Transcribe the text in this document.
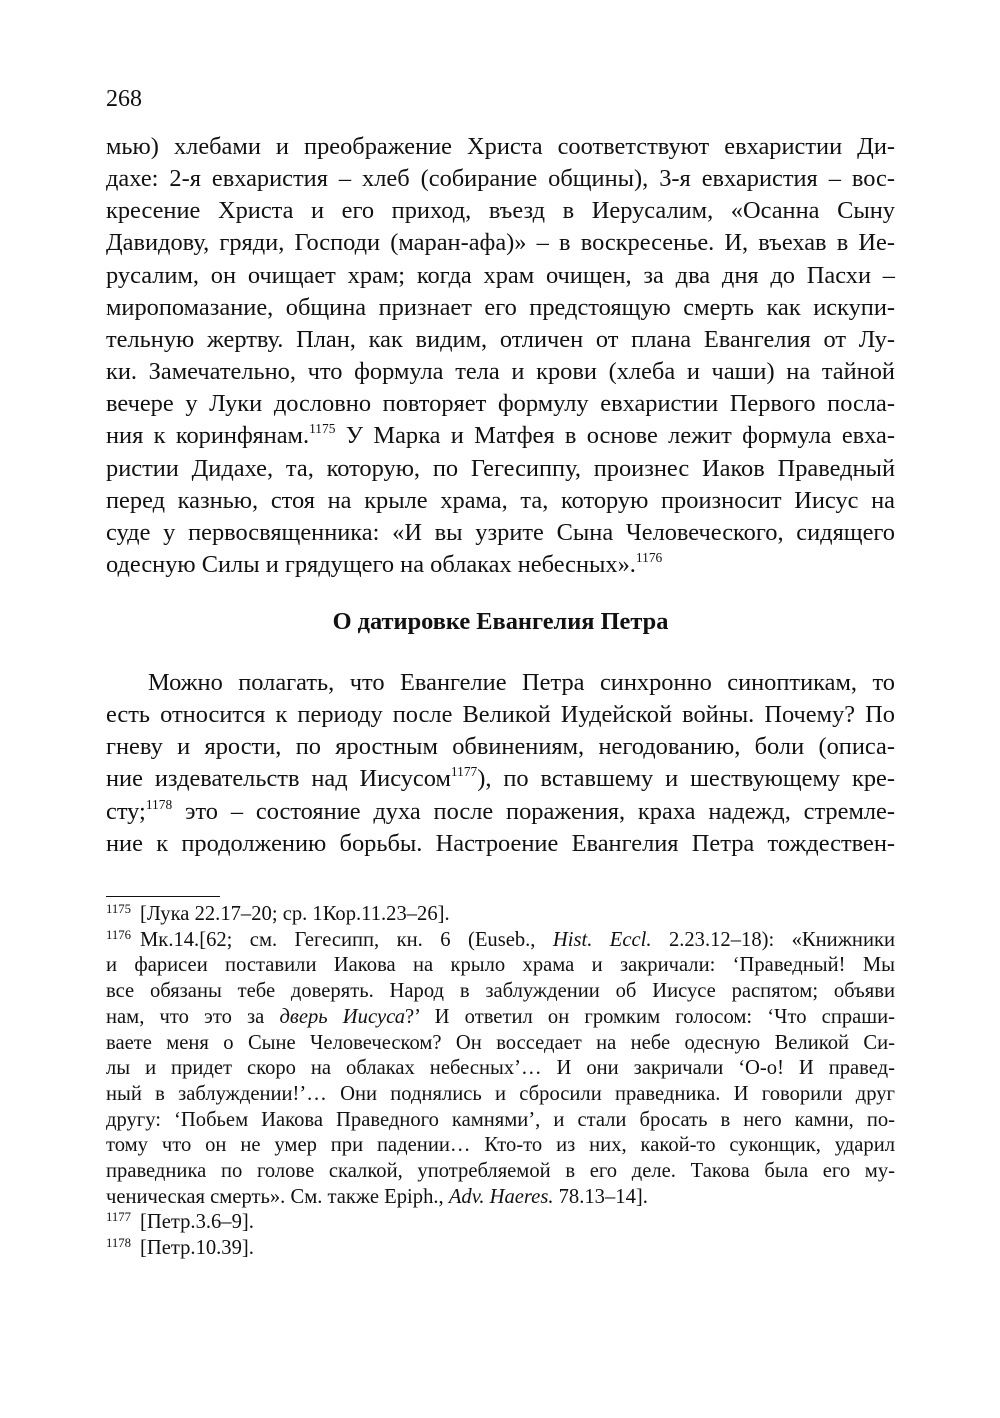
268
мью) хлебами и преображение Христа соответствуют евхаристии Ди-
дахе: 2-я евхаристия – хлеб (собирание общины), 3-я евхаристия – вос-
кресение Христа и его приход, въезд в Иерусалим, «Осанна Сыну
Давидову, гряди, Господи (маран-афа)» – в воскресенье. И, въехав в Ие-
русалим, он очищает храм; когда храм очищен, за два дня до Пасхи –
миропомазание, община признает его предстоящую смерть как искупи-
тельную жертву. План, как видим, отличен от плана Евангелия от Лу-
ки. Замечательно, что формула тела и крови (хлеба и чаши) на тайной
вечере у Луки дословно повторяет формулу евхаристии Первого посла-
ния к коринфянам.$^{1175}$ У Марка и Матфея в основе лежит формула евха-
ристии Дидахе, та, которую, по Гегесиппу, произнес Иаков Праведный
перед казнью, стоя на крыле храма, та, которую произносит Иисус на
суде у первосвященника: «И вы узрите Сына Человеческого, сидящего
одесную Силы и грядущего на облаках небесных».$^{1176}$
О датировке Евангелия Петра
Можно полагать, что Евангелие Петра синхронно синоптикам, то
есть относится к периоду после Великой Иудейской войны. Почему? По
гневу и ярости, по яростным обвинениям, негодованию, боли (описа-
ние издевательств над Иисусом$^{1177}$), по вставшему и шествующему кре-
сту;$^{1178}$ это – состояние духа после поражения, краха надежд, стремле-
ние к продолжению борьбы. Настроение Евангелия Петра тождествен-
$^{1175}$ [Лука 22.17–20; ср. 1Кор.11.23–26].
$^{1176}$ Мк.14.[62; см. Гегесипп, кн. 6 (Euseb., Hist. Eccl. 2.23.12–18): «Книжники
и фарисеи поставили Иакова на крыло храма и закричали: ‘Праведный! Мы
все обязаны тебе доверять. Народ в заблуждении об Иисусе распятом; объяви
нам, что это за дверь Иисуса?’ И ответил он громким голосом: ‘Что спраши-
ваете меня о Сыне Человеческом? Он восседает на небе одесную Великой Си-
лы и придет скоро на облаках небесных’… И они закричали ‘О-о! И правед-
ный в заблуждении!’… Они поднялись и сбросили праведника. И говорили друг
другу: ‘Побьем Иакова Праведного камнями’, и стали бросать в него камни, по-
тому что он не умер при падении… Кто-то из них, какой-то суконщик, ударил
праведника по голове скалкой, употребляемой в его деле. Такова была его му-
ченическая смерть». См. также Epiph., Adv. Haeres. 78.13–14].
$^{1177}$ [Петр.3.6–9].
$^{1178}$ [Петр.10.39].
